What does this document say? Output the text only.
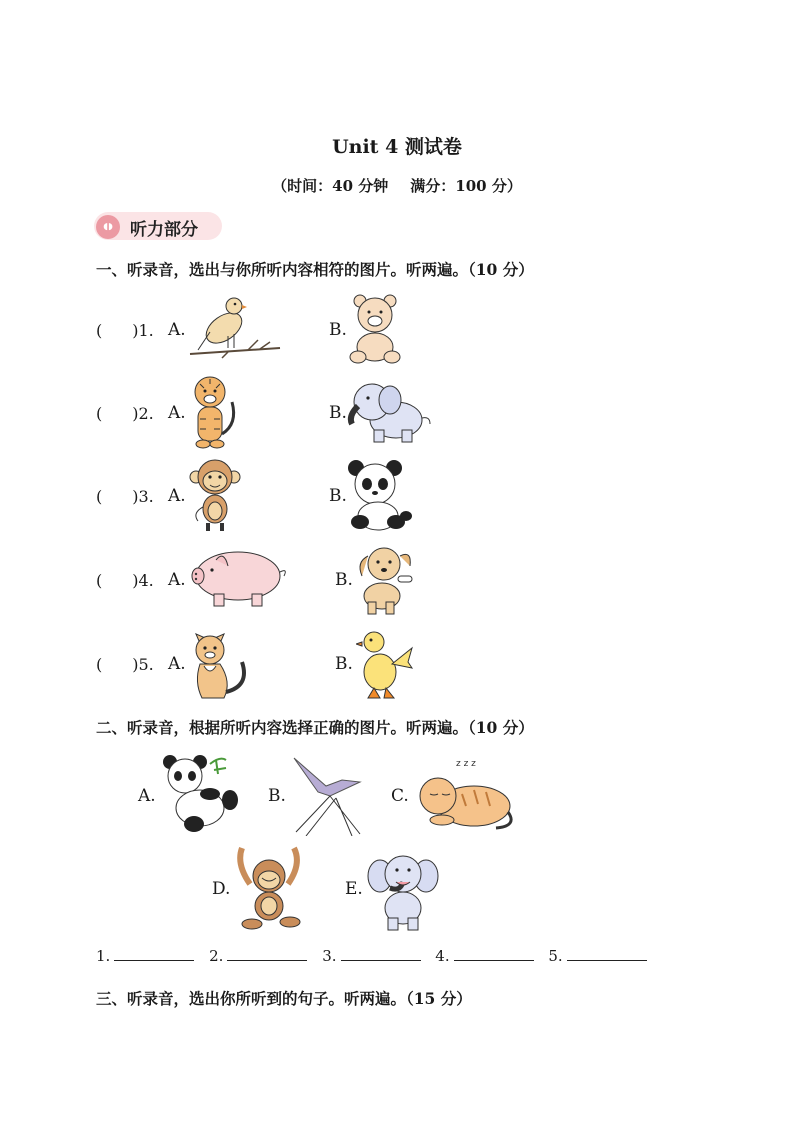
Unit 4 测试卷
（时间：40 分钟 满分：100 分）
◖◗	听力部分
一、听录音，选出与你所听内容相符的图片。听两遍。（10 分）
( )1. A.	B.
( )2. A.	B.
( )3. A.	B.
( )4. A.	B.
( )5. A.	B.
二、听录音，根据所听内容选择正确的图片。听两遍。（10 分）
A.	B.	C.
z z z
D.	E.
1.	2.	3.	4.	5.
三、听录音，选出你所听到的句子。听两遍。（15 分）
